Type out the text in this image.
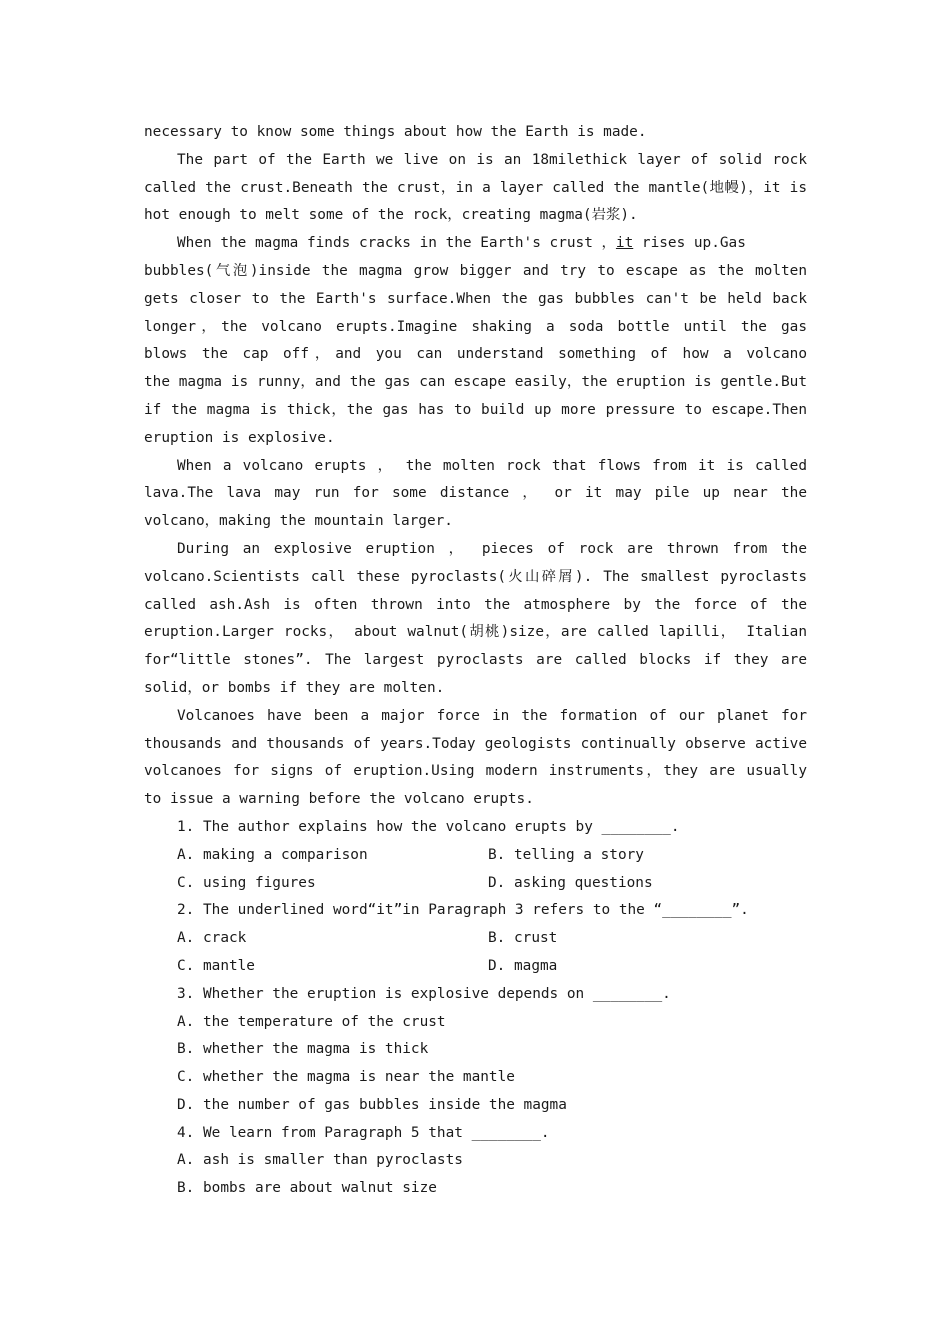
necessary to know some things about how the Earth is made.
The part of the Earth we live on is an 18milethick layer of solid rock
called the crust.Beneath the crust，in a layer called the mantle(地幔)，it is
hot enough to melt some of the rock，creating magma(岩浆).
When the magma finds cracks in the Earth's crust ，it rises up.Gas
bubbles(气泡)inside the magma grow bigger and try to escape as the molten
gets closer to the Earth's surface.When the gas bubbles can't be held back
longer，the volcano erupts.Imagine shaking a soda bottle until the gas
blows the cap off，and you can understand something of how a volcano
the magma is runny，and the gas can escape easily，the eruption is gentle.But
if the magma is thick，the gas has to build up more pressure to escape.Then
eruption is explosive.
When a volcano erupts ， the molten rock that flows from it is called
lava.The lava may run for some distance ， or it may pile up near the
volcano，making the mountain larger.
During an explosive eruption ， pieces of rock are thrown from the
volcano.Scientists call these pyroclasts(火山碎屑). The smallest pyroclasts
called ash.Ash is often thrown into the atmosphere by the force of the
eruption.Larger rocks， about walnut(胡桃)size，are called lapilli， Italian
for“little stones”. The largest pyroclasts are called blocks if they are
solid，or bombs if they are molten.
Volcanoes have been a major force in the formation of our planet for
thousands and thousands of years.Today geologists continually observe active
volcanoes for signs of eruption.Using modern instruments，they are usually
to issue a warning before the volcano erupts.
1. The author explains how the volcano erupts by ________.
A. making a comparison	B. telling a story
C. using figures	D. asking questions
2. The underlined word“it”in Paragraph 3 refers to the “________”.
A. crack	B. crust
C. mantle	D. magma
3. Whether the eruption is explosive depends on ________.
A. the temperature of the crust
B. whether the magma is thick
C. whether the magma is near the mantle
D. the number of gas bubbles inside the magma
4. We learn from Paragraph 5 that ________.
A. ash is smaller than pyroclasts
B. bombs are about walnut size
